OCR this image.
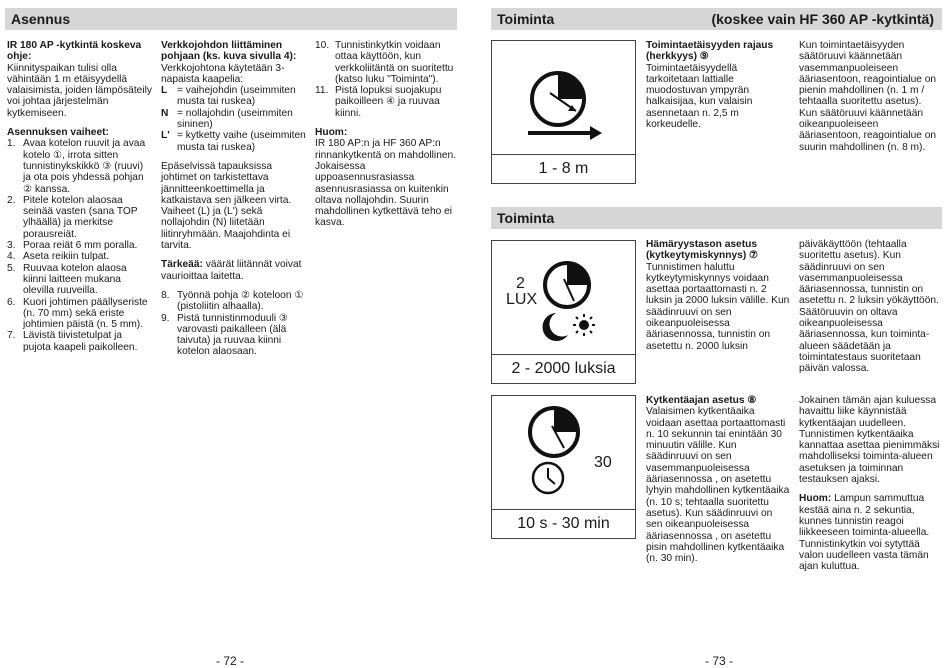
Asennus

IR 180 AP -kytkintä koskeva ohje:

Kiinnityspaikan tulisi olla vähintään 1 m etäisyydellä valaisimista, joiden lämpösäteily voi johtaa järjestelmän kytkemiseen.

Asennuksen vaiheet:

1. Avaa kotelon ruuvit ja avaa kotelo ①, irrota sitten tunnistinykskikkö ③ (ruuvi) ja ota pois yhdessä pohjan ② kanssa.
2. Pitele kotelon alaosaa seinää vasten (sana TOP ylhäällä) ja merkitse porausreiät.
3. Poraa reiät 6 mm poralla.
4. Aseta reikiin tulpat.
5. Ruuvaa kotelon alaosa kiinni laitteen mukana olevilla ruuveilla.
6. Kuori johtimen päällyseriste (n. 70 mm) sekä eriste johtimien päistä (n. 5 mm).
7. Lävistä tiivistetulpat ja pujota kaapeli paikolleen.

Verkkojohdon liittäminen pohjaan (ks. kuva sivulla 4):

Verkkojohtona käytetään 3-napaista kaapelia:

L = vaihejohdin (useimmiten musta tai ruskea)
N = nollajohdin (useimmiten sininen)
L' = kytketty vaihe (useimmiten musta tai ruskea)

Epäselvissä tapauksissa johtimet on tarkistettava jännitteenkoettimella ja katkaistava sen jälkeen virta. Vaiheet (L) ja (L') sekä nollajohdin (N) liitetään liitinryhmään. Maajohdinta ei tarvita.

Tärkeää: väärät liitännät voivat vaurioittaa laitetta.

8. Työnnä pohja ② koteloon ① (pistoliitin alhaalla).
9. Pistä tunnistinmoduuli ③ varovasti paikalleen (älä taivuta) ja ruuvaa kiinni kotelon alaosaan.
10. Tunnistinkytkin voidaan ottaa käyttöön, kun verkkoliitäntä on suoritettu (katso luku "Toiminta").
11. Pistä lopuksi suojakupu paikoilleen ④ ja ruuvaa kiinni.

Huom:

IR 180 AP:n ja HF 360 AP:n rinnankytkentä on mahdollinen. Jokaisessa uppoasennusrasiassa asennusrasiassa on kuitenkin oltava nollajohdin. Suurin mahdollinen kytkettävä teho ei kasva.

- 72 -
Toiminta	(koskee vain HF 360 AP -kytkintä)
Toiminta
1 - 8 m
2
LUX
2 - 2000 luksia
30
10 s - 30 min

Toimintaetäisyyden rajaus (herkkyys) ⑨

Toimintaetäisyydellä tarkoitetaan lattialle muodostuvan ympyrän halkaisijaa, kun valaisin asennetaan n. 2,5 m korkeudelle.

Kun toimintaetäisyyden säätöruuvi käännetään vasemmanpuoleiseen ääriasentoon, reagointialue on pienin mahdollinen (n. 1 m / tehtaalla suoritettu asetus). Kun säätöruuvi käännetään oikeanpuoleiseen ääriasentoon, reagointialue on suurin mahdollinen (n. 8 m).

Hämäryystason asetus (kytkeytymiskynnys) ⑦

Tunnistimen haluttu kytkeytymiskynnys voidaan asettaa portaattomasti n. 2 luksin ja 2000 luksin välille. Kun säädinruuvi on sen oikeanpuoleisessa ääriasennossa, tunnistin on asetettu n. 2000 luksin

päiväkäyttöön (tehtaalla suoritettu asetus). Kun säädinruuvi on sen vasemmanpuoleisessa ääriasennossa, tunnistin on asetettu n. 2 luksin yökäyttöön. Säätöruuvin on oltava oikeanpuoleisessa ääriasennossa, kun toiminta-alueen säädetään ja toimintatestaus suoritetaan päivän valossa.

Kytkentäajan asetus ⑧

Valaisimen kytkentäaika voidaan asettaa portaattomasti n. 10 sekunnin tai enintään 30 minuutin välille. Kun säädinruuvi on sen vasemmanpuoleisessa ääriasennossa , on asetettu lyhyin mahdollinen kytkentäaika (n. 10 s; tehtaalla suoritettu asetus). Kun säädinruuvi on sen oikeanpuoleisessa ääriasennossa , on asetettu pisin mahdollinen kytkentäaika (n. 30 min).

Jokainen tämän ajan kuluessa havaittu liike käynnistää kytkentäajan uudelleen. Tunnistimen kytkentäaika kannattaa asettaa pienimmäksi mahdolliseksi toiminta-alueen asetuksen ja toiminnan testauksen ajaksi.

Huom: Lampun sammuttua kestää aina n. 2 sekuntia, kunnes tunnistin reagoi liikkeeseen toiminta-alueella. Tunnistinkytkin voi sytyttää valon uudelleen vasta tämän ajan kuluttua.

- 73 -
